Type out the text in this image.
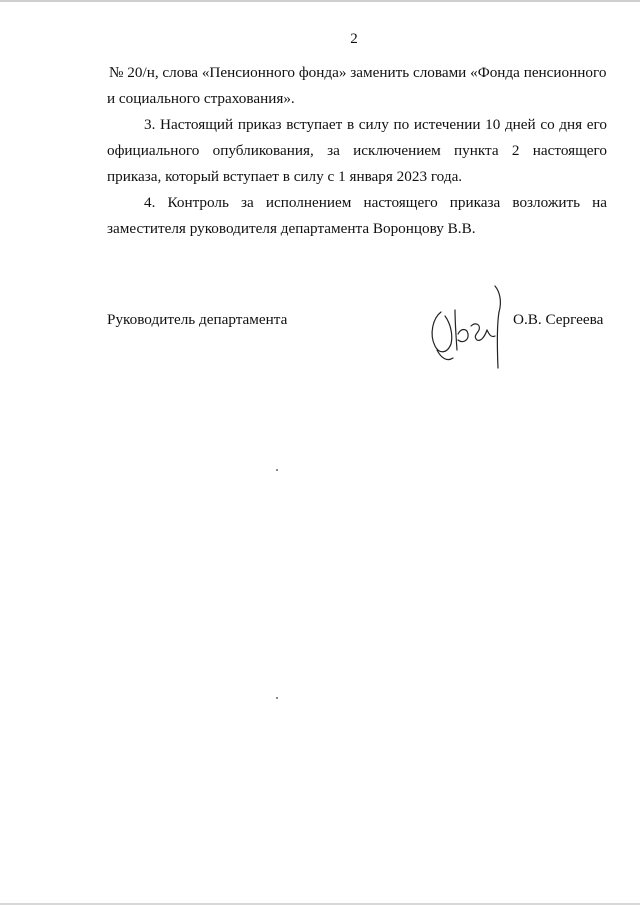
2
№ 20/н, слова «Пенсионного фонда» заменить словами «Фонда пенсионного
и социального страхования».

3. Настоящий приказ вступает в силу по истечении 10 дней со дня его официального опубликования, за исключением пункта 2 настоящего приказа, который вступает в силу с 1 января 2023 года.

4. Контроль за исполнением настоящего приказа возложить на заместителя руководителя департамента Воронцову В.В.

Руководитель департамента	О.В. Сергеева
